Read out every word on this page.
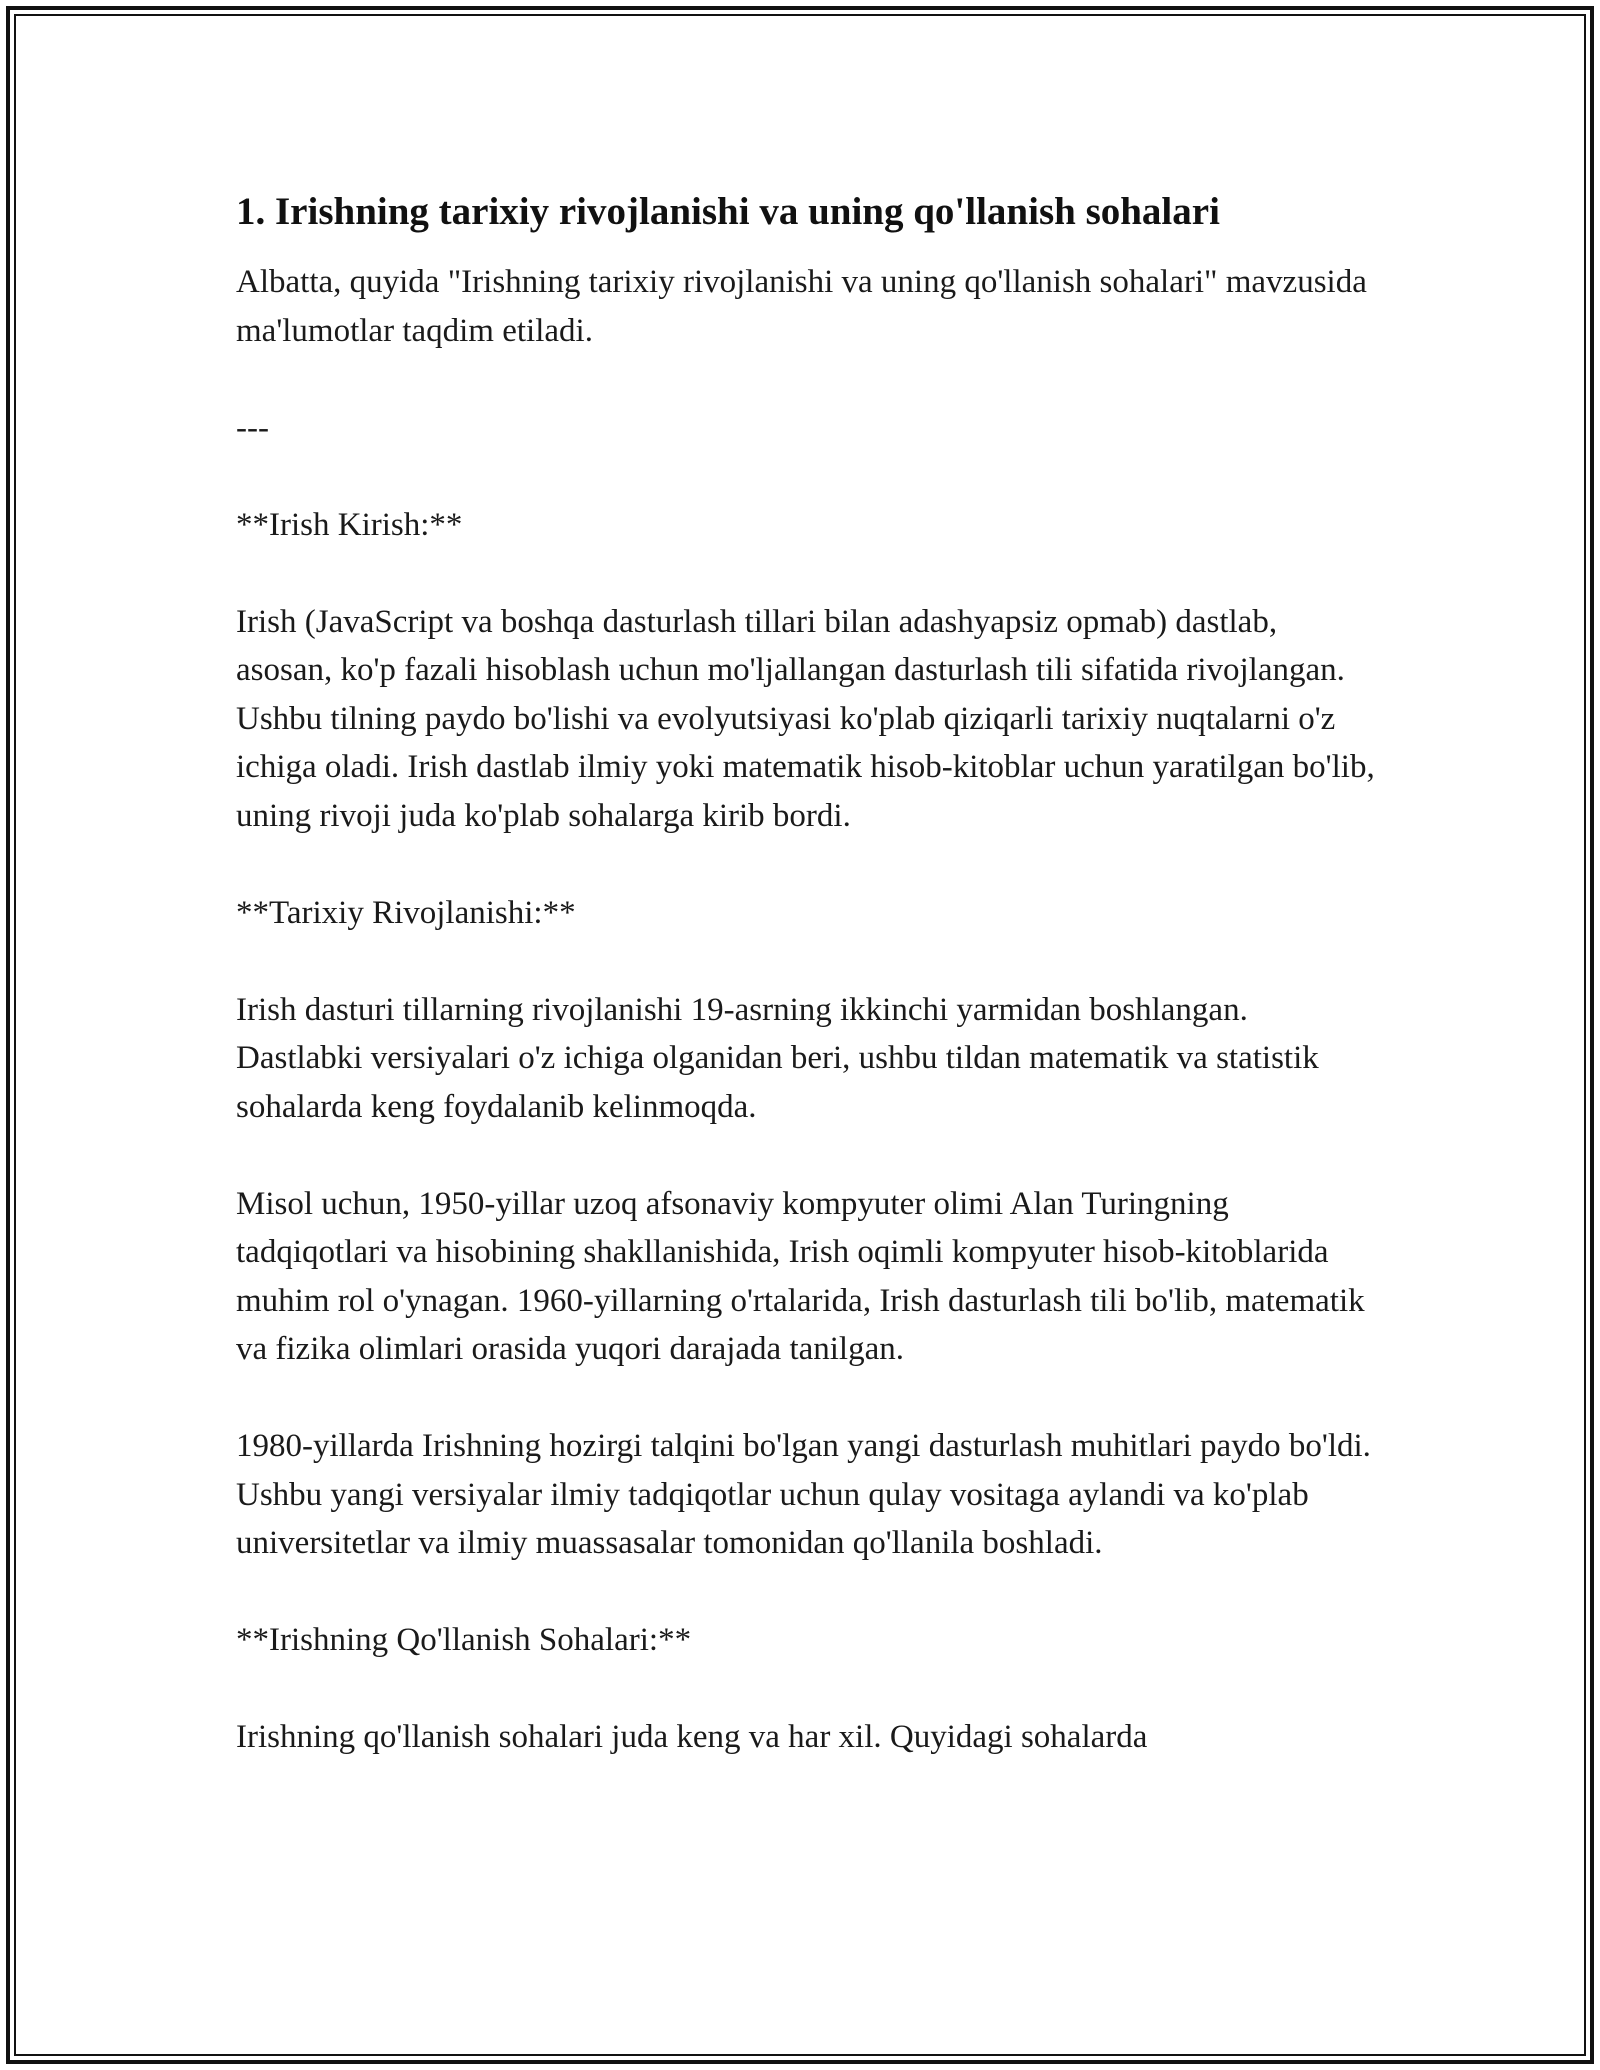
1. Irishning tarixiy rivojlanishi va uning qo'llanish sohalari

Albatta, quyida "Irishning tarixiy rivojlanishi va uning qo'llanish sohalari" mavzusida ma'lumotlar taqdim etiladi.

---

**Irish Kirish:**

Irish (JavaScript va boshqa dasturlash tillari bilan adashyapsiz opmab) dastlab, asosan, ko'p fazali hisoblash uchun mo'ljallangan dasturlash tili sifatida rivojlangan. Ushbu tilning paydo bo'lishi va evolyutsiyasi ko'plab qiziqarli tarixiy nuqtalarni o'z ichiga oladi. Irish dastlab ilmiy yoki matematik hisob-kitoblar uchun yaratilgan bo'lib, uning rivoji juda ko'plab sohalarga kirib bordi.

**Tarixiy Rivojlanishi:**

Irish dasturi tillarning rivojlanishi 19-asrning ikkinchi yarmidan boshlangan. Dastlabki versiyalari o'z ichiga olganidan beri, ushbu tildan matematik va statistik sohalarda keng foydalanib kelinmoqda.

Misol uchun, 1950-yillar uzoq afsonaviy kompyuter olimi Alan Turingning tadqiqotlari va hisobining shakllanishida, Irish oqimli kompyuter hisob-kitoblarida muhim rol o'ynagan. 1960-yillarning o'rtalarida, Irish dasturlash tili bo'lib, matematik va fizika olimlari orasida yuqori darajada tanilgan.

1980-yillarda Irishning hozirgi talqini bo'lgan yangi dasturlash muhitlari paydo bo'ldi. Ushbu yangi versiyalar ilmiy tadqiqotlar uchun qulay vositaga aylandi va ko'plab universitetlar va ilmiy muassasalar tomonidan qo'llanila boshladi.

**Irishning Qo'llanish Sohalari:**

Irishning qo'llanish sohalari juda keng va har xil. Quyidagi sohalarda
